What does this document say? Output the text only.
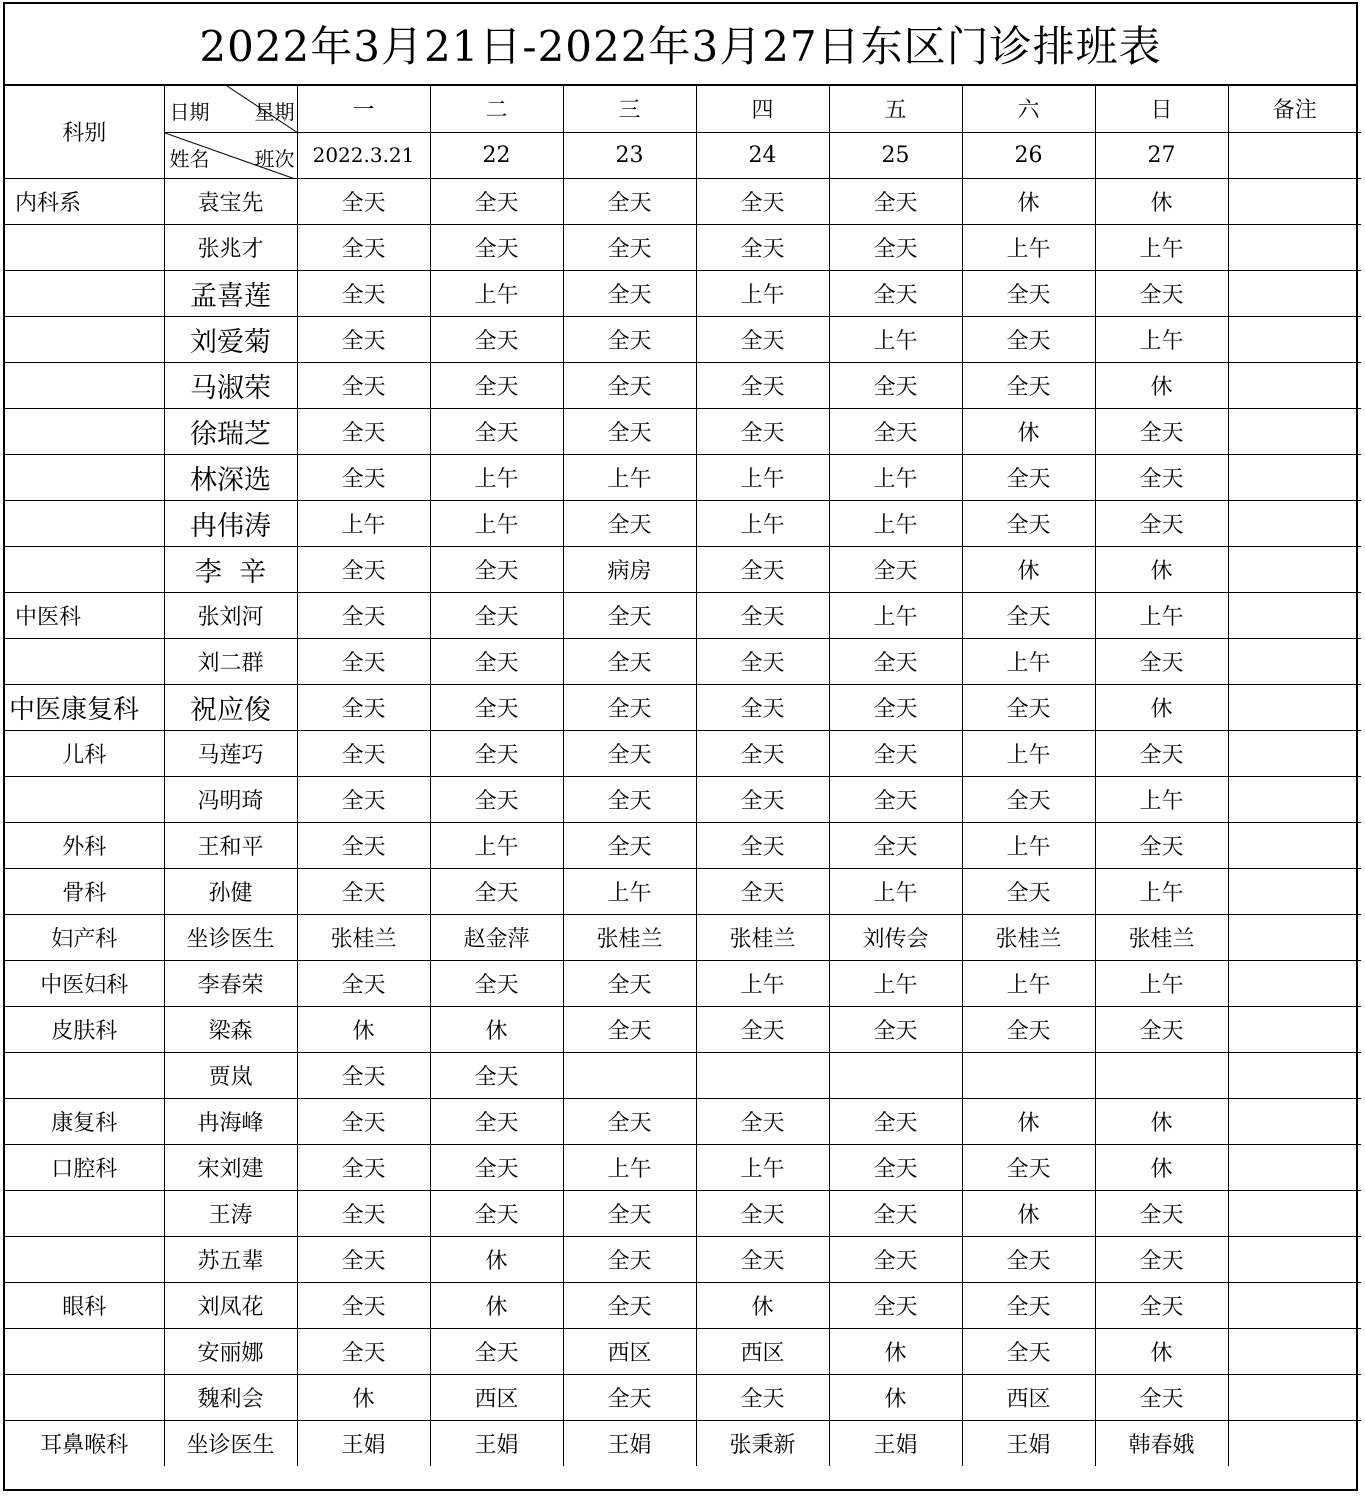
2022年3月21日-2022年3月27日东区门诊排班表
科别	日期 星期	一	二	三	四	五	六	日	备注

	姓名 班次	2022.3.21	22	23	24	25	26	27	
内科系	袁宝先	全天	全天	全天	全天	全天	休	休	
	张兆才	全天	全天	全天	全天	全天	上午	上午	
	孟喜莲	全天	上午	全天	上午	全天	全天	全天	
	刘爱菊	全天	全天	全天	全天	上午	全天	上午	
	马淑荣	全天	全天	全天	全天	全天	全天	休	
	徐瑞芝	全天	全天	全天	全天	全天	休	全天	
	林深选	全天	上午	上午	上午	上午	全天	全天	
	冉伟涛	上午	上午	全天	上午	上午	全天	全天	
	李  辛	全天	全天	病房	全天	全天	休	休	
中医科	张刘河	全天	全天	全天	全天	上午	全天	上午	
	刘二群	全天	全天	全天	全天	全天	上午	全天	
中医康复科	祝应俊	全天	全天	全天	全天	全天	全天	休	
儿科	马莲巧	全天	全天	全天	全天	全天	上午	全天	
	冯明琦	全天	全天	全天	全天	全天	全天	上午	
外科	王和平	全天	上午	全天	全天	全天	上午	全天	
骨科	孙健	全天	全天	上午	全天	上午	全天	上午	
妇产科	坐诊医生	张桂兰	赵金萍	张桂兰	张桂兰	刘传会	张桂兰	张桂兰	
中医妇科	李春荣	全天	全天	全天	上午	上午	上午	上午	
皮肤科	梁森	休	休	全天	全天	全天	全天	全天	
	贾岚	全天	全天						
康复科	冉海峰	全天	全天	全天	全天	全天	休	休	
口腔科	宋刘建	全天	全天	上午	上午	全天	全天	休	
	王涛	全天	全天	全天	全天	全天	休	全天	
	苏五辈	全天	休	全天	全天	全天	全天	全天	
眼科	刘凤花	全天	休	全天	休	全天	全天	全天	
	安丽娜	全天	全天	西区	西区	休	全天	休	
	魏利会	休	西区	全天	全天	休	西区	全天	
耳鼻喉科	坐诊医生	王娟	王娟	王娟	张秉新	王娟	王娟	韩春娥	
